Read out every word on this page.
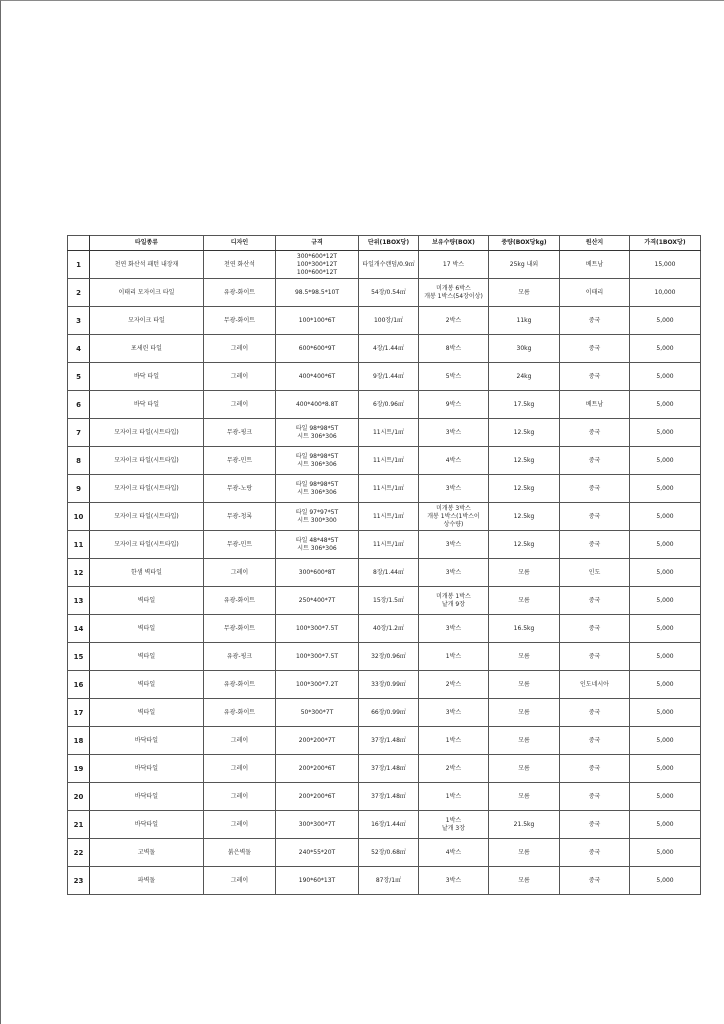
	타일종류	디자인	규격	단위(1BOX당)	보유수량(BOX)	중량(BOX당kg)	원산지	가격(1BOX당)
1	천연 화산석 패턴 내장재	천연 화산석	300*600*12T
100*300*12T
100*600*12T	타일개수랜덤/0.9㎡	17 박스	25kg 내외	베트남	15,000
2	이태리 모자이크 타일	유광-화이트	98.5*98.5*10T	54장/0.54㎡	미개봉 6박스
개봉 1박스(54장이상)	모름	이태리	10,000
3	모자이크 타일	무광-화이트	100*100*6T	100장/1㎡	2박스	11kg	중국	5,000
4	포세린 타일	그레이	600*600*9T	4장/1.44㎡	8박스	30kg	중국	5,000
5	바닥 타일	그레이	400*400*6T	9장/1.44㎡	5박스	24kg	중국	5,000
6	바닥 타일	그레이	400*400*8.8T	6장/0.96㎡	9박스	17.5kg	베트남	5,000
7	모자이크 타일(시트타입)	무광-핑크	타일 98*98*5T
시트 306*306	11시트/1㎡	3박스	12.5kg	중국	5,000
8	모자이크 타일(시트타입)	무광-민트	타일 98*98*5T
시트 306*306	11시트/1㎡	4박스	12.5kg	중국	5,000
9	모자이크 타일(시트타입)	무광-노랑	타일 98*98*5T
시트 306*306	11시트/1㎡	3박스	12.5kg	중국	5,000
10	모자이크 타일(시트타입)	무광-청록	타일 97*97*5T
시트 300*300	11시트/1㎡	미개봉 3박스
개봉 1박스(1박스이
상수량)	12.5kg	중국	5,000
11	모자이크 타일(시트타입)	무광-민트	타일 48*48*5T
시트 306*306	11시트/1㎡	3박스	12.5kg	중국	5,000
12	한샘 벽타일	그레이	300*600*8T	8장/1.44㎡	3박스	모름	인도	5,000
13	벽타일	유광-화이트	250*400*7T	15장/1.5㎡	미개봉 1박스
낱개 9장	모름	중국	5,000
14	벽타일	무광-화이트	100*300*7.5T	40장/1.2㎡	3박스	16.5kg	중국	5,000
15	벽타일	유광-핑크	100*300*7.5T	32장/0.96㎡	1박스	모름	중국	5,000
16	벽타일	유광-화이트	100*300*7.2T	33장/0.99㎡	2박스	모름	인도네시아	5,000
17	벽타일	유광-화이트	50*300*7T	66장/0.99㎡	3박스	모름	중국	5,000
18	바닥타일	그레이	200*200*7T	37장/1.48㎡	1박스	모름	중국	5,000
19	바닥타일	그레이	200*200*6T	37장/1.48㎡	2박스	모름	중국	5,000
20	바닥타일	그레이	200*200*6T	37장/1.48㎡	1박스	모름	중국	5,000
21	바닥타일	그레이	300*300*7T	16장/1.44㎡	1박스
낱개 3장	21.5kg	중국	5,000
22	고벽돌	붉은벽돌	240*55*20T	52장/0.68㎡	4박스	모름	중국	5,000
23	파벽돌	그레이	190*60*13T	87장/1㎡	3박스	모름	중국	5,000
